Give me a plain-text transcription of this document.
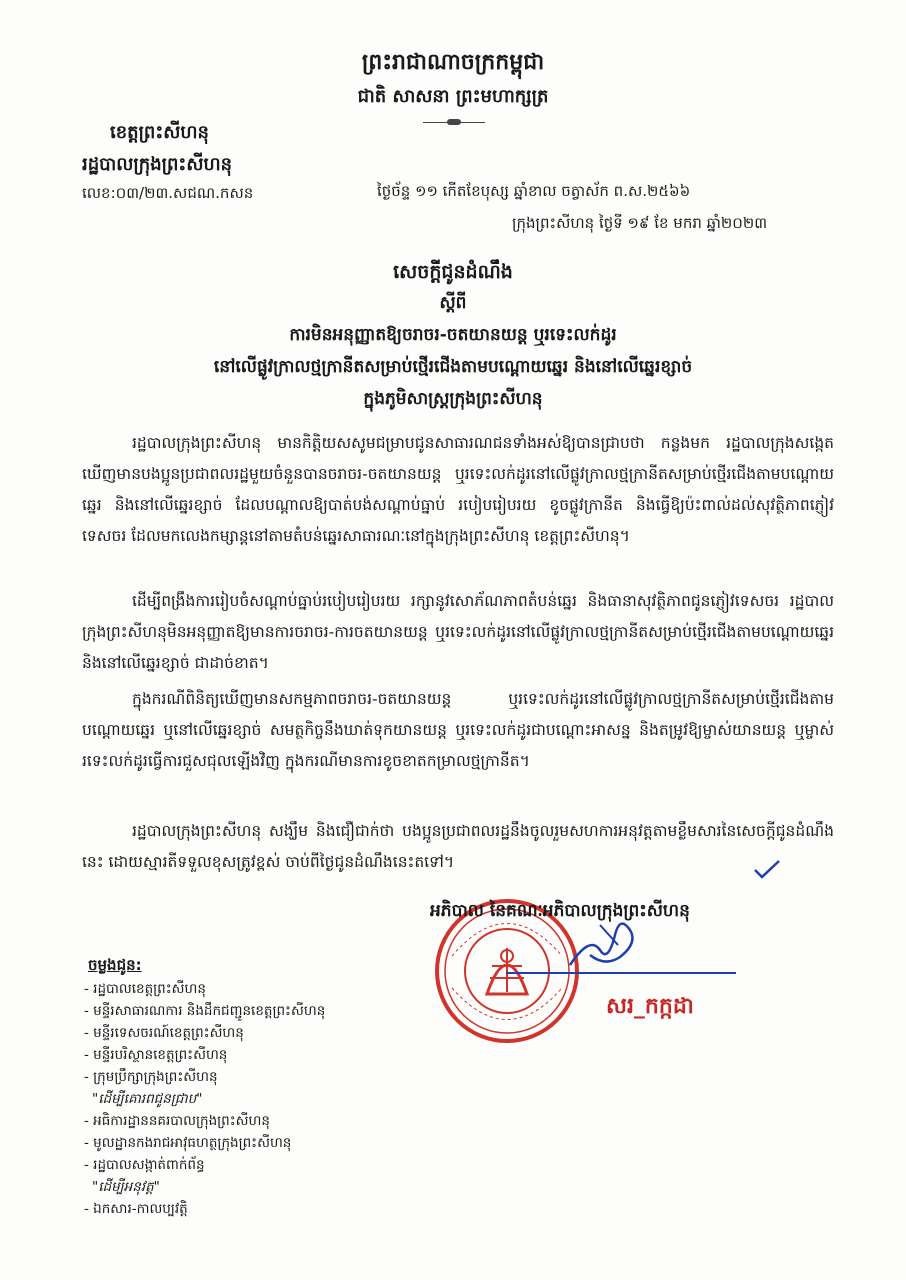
ព្រះរាជាណាចក្រកម្ពុជា
ជាតិ សាសនា ព្រះមហាក្សត្រ
ខេត្តព្រះសីហនុ
រដ្ឋបាលក្រុងព្រះសីហនុ
លេខ:០៣/២៣.សជណ.កសន	ថ្ងៃច័ន្ទ ១១ កើតខែបុស្ស ឆ្នាំខាល ចត្វាស័ក ព.ស.២៥៦៦
ក្រុងព្រះសីហនុ ថ្ងៃទី ១៩ ខែ មករា ឆ្នាំ២០២៣
សេចក្តីជូនដំណឹង
ស្តីពី
ការមិនអនុញ្ញាតឱ្យចរាចរ-ចតយានយន្ត ឬរទេះលក់ដូរ
នៅលើផ្លូវក្រាលថ្មក្រានីតសម្រាប់ថ្មើរជើងតាមបណ្តោយឆ្នេរ និងនៅលើឆ្នេរខ្សាច់
ក្នុងភូមិសាស្ត្រក្រុងព្រះសីហនុ

រដ្ឋបាលក្រុងព្រះសីហនុ មានកិត្តិយសសូមជម្រាបជូនសាធារណជនទាំងអស់ឱ្យបានជ្រាបថា កន្លងមក រដ្ឋបាលក្រុងសង្កេតឃើញមានបងប្អូនប្រជាពលរដ្ឋមួយចំនួនបានចរាចរ-ចតយានយន្ត ឬរទេះលក់ដូរនៅលើផ្លូវក្រាលថ្មក្រានីតសម្រាប់ថ្មើរជើងតាមបណ្តោយឆ្នេរ និងនៅលើឆ្នេរខ្សាច់ ដែលបណ្តាលឱ្យបាត់បង់សណ្តាប់ធ្នាប់ របៀបរៀបរយ ខូចផ្លូវក្រានីត និងធ្វើឱ្យប៉ះពាល់ដល់សុវត្ថិភាពភ្ញៀវទេសចរ ដែលមកលេងកម្សាន្តនៅតាមតំបន់ឆ្នេរសាធារណៈនៅក្នុងក្រុងព្រះសីហនុ ខេត្តព្រះសីហនុ។

ដើម្បីពង្រឹងការរៀបចំសណ្តាប់ធ្នាប់របៀបរៀបរយ រក្សានូវសោភ័ណភាពតំបន់ឆ្នេរ និងធានាសុវត្ថិភាពជូនភ្ញៀវទេសចរ រដ្ឋបាលក្រុងព្រះសីហនុមិនអនុញ្ញាតឱ្យមានការចរាចរ-ការចតយានយន្ត ឬរទេះលក់ដូរនៅលើផ្លូវក្រាលថ្មក្រានីតសម្រាប់ថ្មើរជើងតាមបណ្តោយឆ្នេរ និងនៅលើឆ្នេរខ្សាច់ ជាដាច់ខាត។

ក្នុងករណីពិនិត្យឃើញមានសកម្មភាពចរាចរ-ចតយានយន្ត ឬរទេះលក់ដូរនៅលើផ្លូវក្រាលថ្មក្រានីតសម្រាប់ថ្មើរជើងតាមបណ្តោយឆ្នេរ ឬនៅលើឆ្នេរខ្សាច់ សមត្ថកិច្ចនឹងឃាត់ទុកយានយន្ត ឬរទេះលក់ដូរជាបណ្តោះអាសន្ន និងតម្រូវឱ្យម្ចាស់យានយន្ត ឬម្ចាស់រទេះលក់ដូរធ្វើការជួសជុលឡើងវិញ ក្នុងករណីមានការខូចខាតកម្រាលថ្មក្រានីត។

រដ្ឋបាលក្រុងព្រះសីហនុ សង្ឃឹម និងជឿជាក់ថា បងប្អូនប្រជាពលរដ្ឋនឹងចូលរួមសហការអនុវត្តតាមខ្លឹមសារនៃសេចក្តីជូនដំណឹងនេះ ដោយស្មារតីទទួលខុសត្រូវខ្ពស់ ចាប់ពីថ្ងៃជូនដំណឹងនេះតទៅ។

អភិបាល នៃគណៈអភិបាលក្រុងព្រះសីហនុ
សរ_កក្កដា
ចម្លងជូន:
- រដ្ឋបាលខេត្តព្រះសីហនុ
- មន្ទីរសាធារណការ និងដឹកជញ្ជូនខេត្តព្រះសីហនុ
- មន្ទីរទេសចរណ៍ខេត្តព្រះសីហនុ
- មន្ទីរបរិស្ថានខេត្តព្រះសីហនុ
- ក្រុមប្រឹក្សាក្រុងព្រះសីហនុ
"ដើម្បីគោរពជូនជ្រាប"
- អធិការដ្ឋាននគរបាលក្រុងព្រះសីហនុ
- មូលដ្ឋានកងរាជអាវុធហត្ថក្រុងព្រះសីហនុ
- រដ្ឋបាលសង្កាត់ពាក់ព័ន្ធ
"ដើម្បីអនុវត្ត"
- ឯកសារ-កាលប្បវត្តិ
